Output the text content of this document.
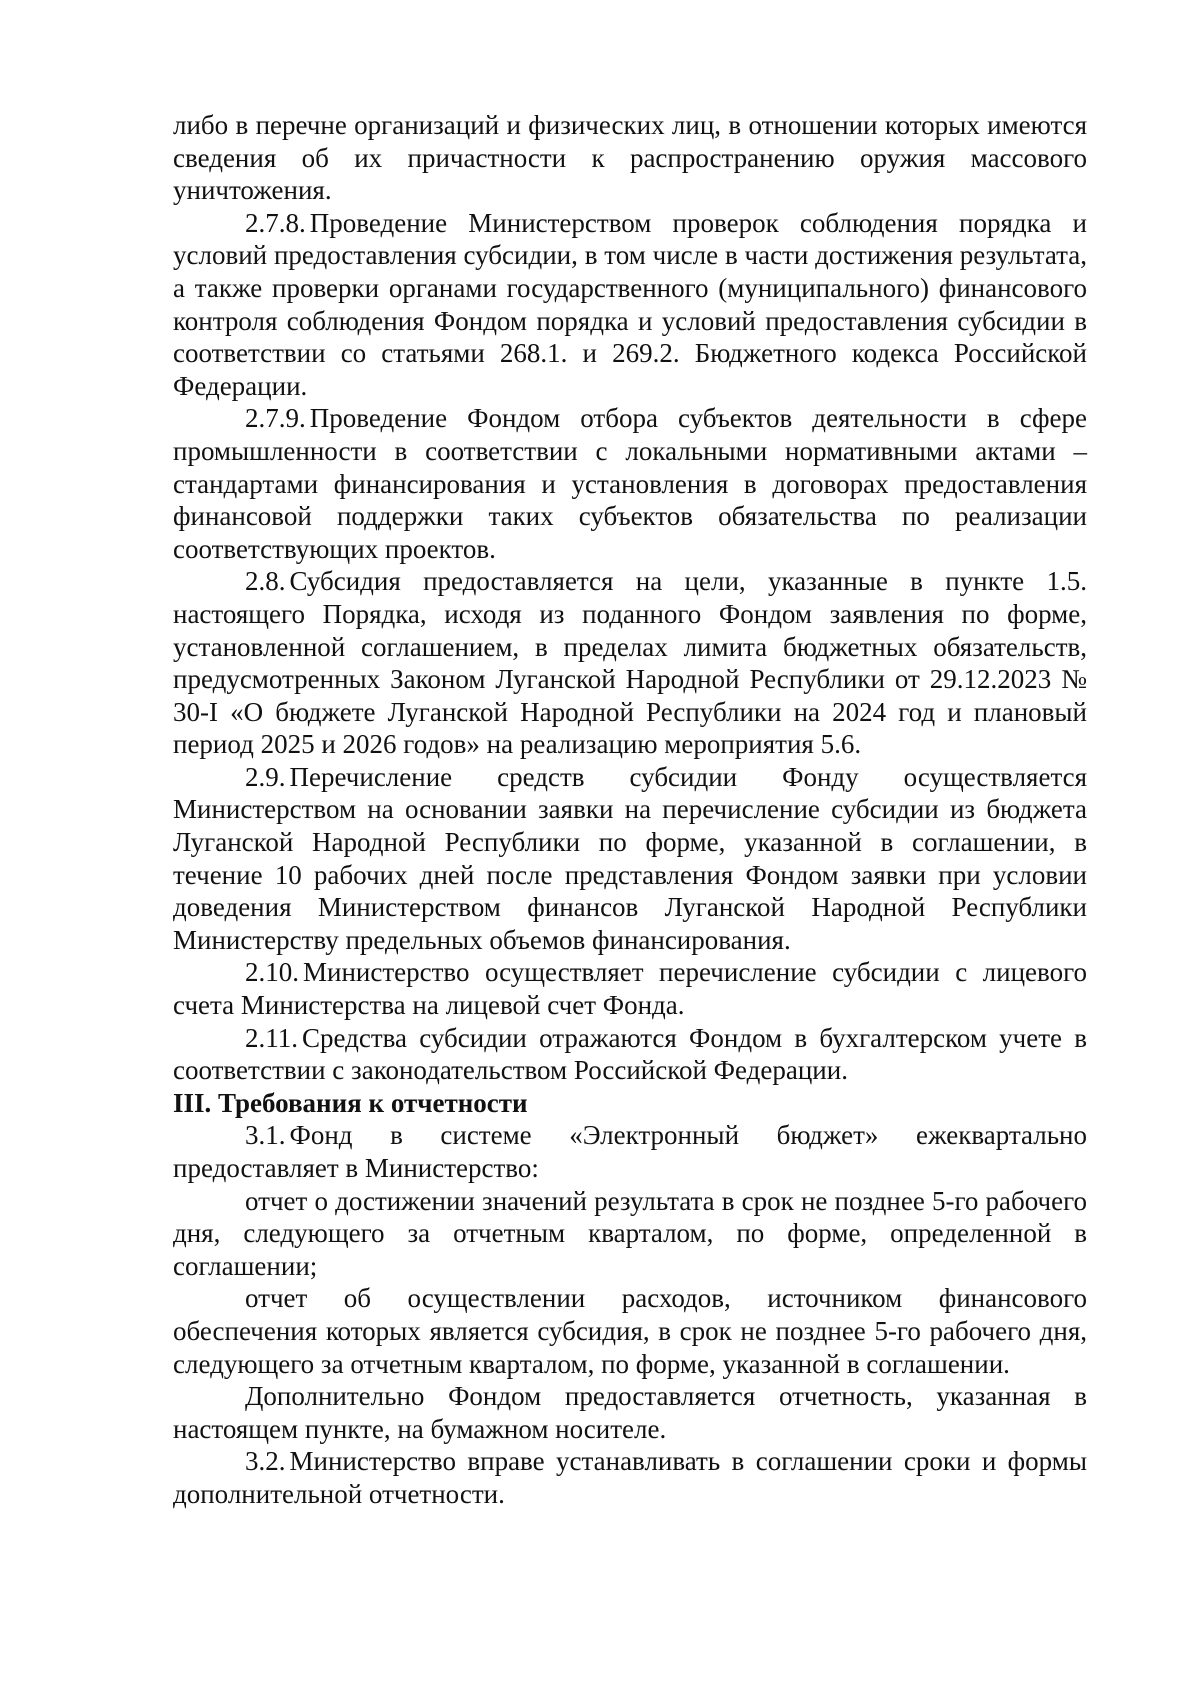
либо в перечне организаций и физических лиц, в отношении которых имеются сведения об их причастности к распространению оружия массового уничтожения.

2.7.8. Проведение Министерством проверок соблюдения порядка и условий предоставления субсидии, в том числе в части достижения результата, а также проверки органами государственного (муниципального) финансового контроля соблюдения Фондом порядка и условий предоставления субсидии в соответствии со статьями 268.1. и 269.2. Бюджетного кодекса Российской Федерации.

2.7.9. Проведение Фондом отбора субъектов деятельности в сфере промышленности в соответствии с локальными нормативными актами – стандартами финансирования и установления в договорах предоставления финансовой поддержки таких субъектов обязательства по реализации соответствующих проектов.

2.8. Субсидия предоставляется на цели, указанные в пункте 1.5. настоящего Порядка, исходя из поданного Фондом заявления по форме, установленной соглашением, в пределах лимита бюджетных обязательств, предусмотренных Законом Луганской Народной Республики от 29.12.2023 № 30-I «О бюджете Луганской Народной Республики на 2024 год и плановый период 2025 и 2026 годов» на реализацию мероприятия 5.6.

2.9. Перечисление средств субсидии Фонду осуществляется Министерством на основании заявки на перечисление субсидии из бюджета Луганской Народной Республики по форме, указанной в соглашении, в течение 10 рабочих дней после представления Фондом заявки при условии доведения Министерством финансов Луганской Народной Республики Министерству предельных объемов финансирования.

2.10. Министерство осуществляет перечисление субсидии с лицевого счета Министерства на лицевой счет Фонда.

2.11. Средства субсидии отражаются Фондом в бухгалтерском учете в соответствии с законодательством Российской Федерации.

III. Требования к отчетности

3.1. Фонд в системе «Электронный бюджет» ежеквартально предоставляет в Министерство:

отчет о достижении значений результата в срок не позднее 5-го рабочего дня, следующего за отчетным кварталом, по форме, определенной в соглашении;

отчет об осуществлении расходов, источником финансового обеспечения которых является субсидия, в срок не позднее 5-го рабочего дня, следующего за отчетным кварталом, по форме, указанной в соглашении.

Дополнительно Фондом предоставляется отчетность, указанная в настоящем пункте, на бумажном носителе.

3.2. Министерство вправе устанавливать в соглашении сроки и формы дополнительной отчетности.
